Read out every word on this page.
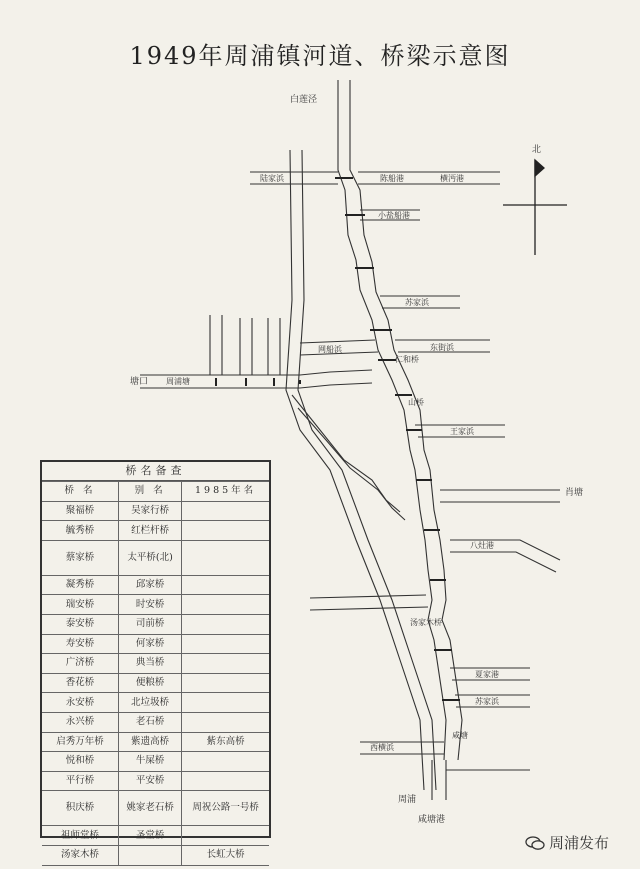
1949年周浦镇河道、桥梁示意图
北
白莲泾
塘口
肖塘
周浦
咸塘港
陆家浜	陈船港	横沔港
小盐船港
苏家浜
网船浜	东街浜
仁和桥
周浦塘
山桥
王家浜
八灶港
汤家木桥
夏家港
苏家浜
西横浜
咸塘
桥名备查
桥 名	别 名	1985年名
聚福桥	吴家行桥	
毓秀桥	红栏杆桥	
蔡家桥	太平桥(北)	
凝秀桥	邱家桥	
瑞安桥	时安桥	
泰安桥	司前桥	
寿安桥	何家桥	
广济桥	典当桥	
香花桥	便粮桥	
永安桥	北垃圾桥	
永兴桥	老石桥	
启秀万年桥	紫遗高桥	紫东高桥
悦和桥	牛屎桥	
平行桥	平安桥	
积庆桥	姚家老石桥	周祝公路一号桥
祖师堂桥	圣堂桥	
汤家木桥		长虹大桥
周浦发布
